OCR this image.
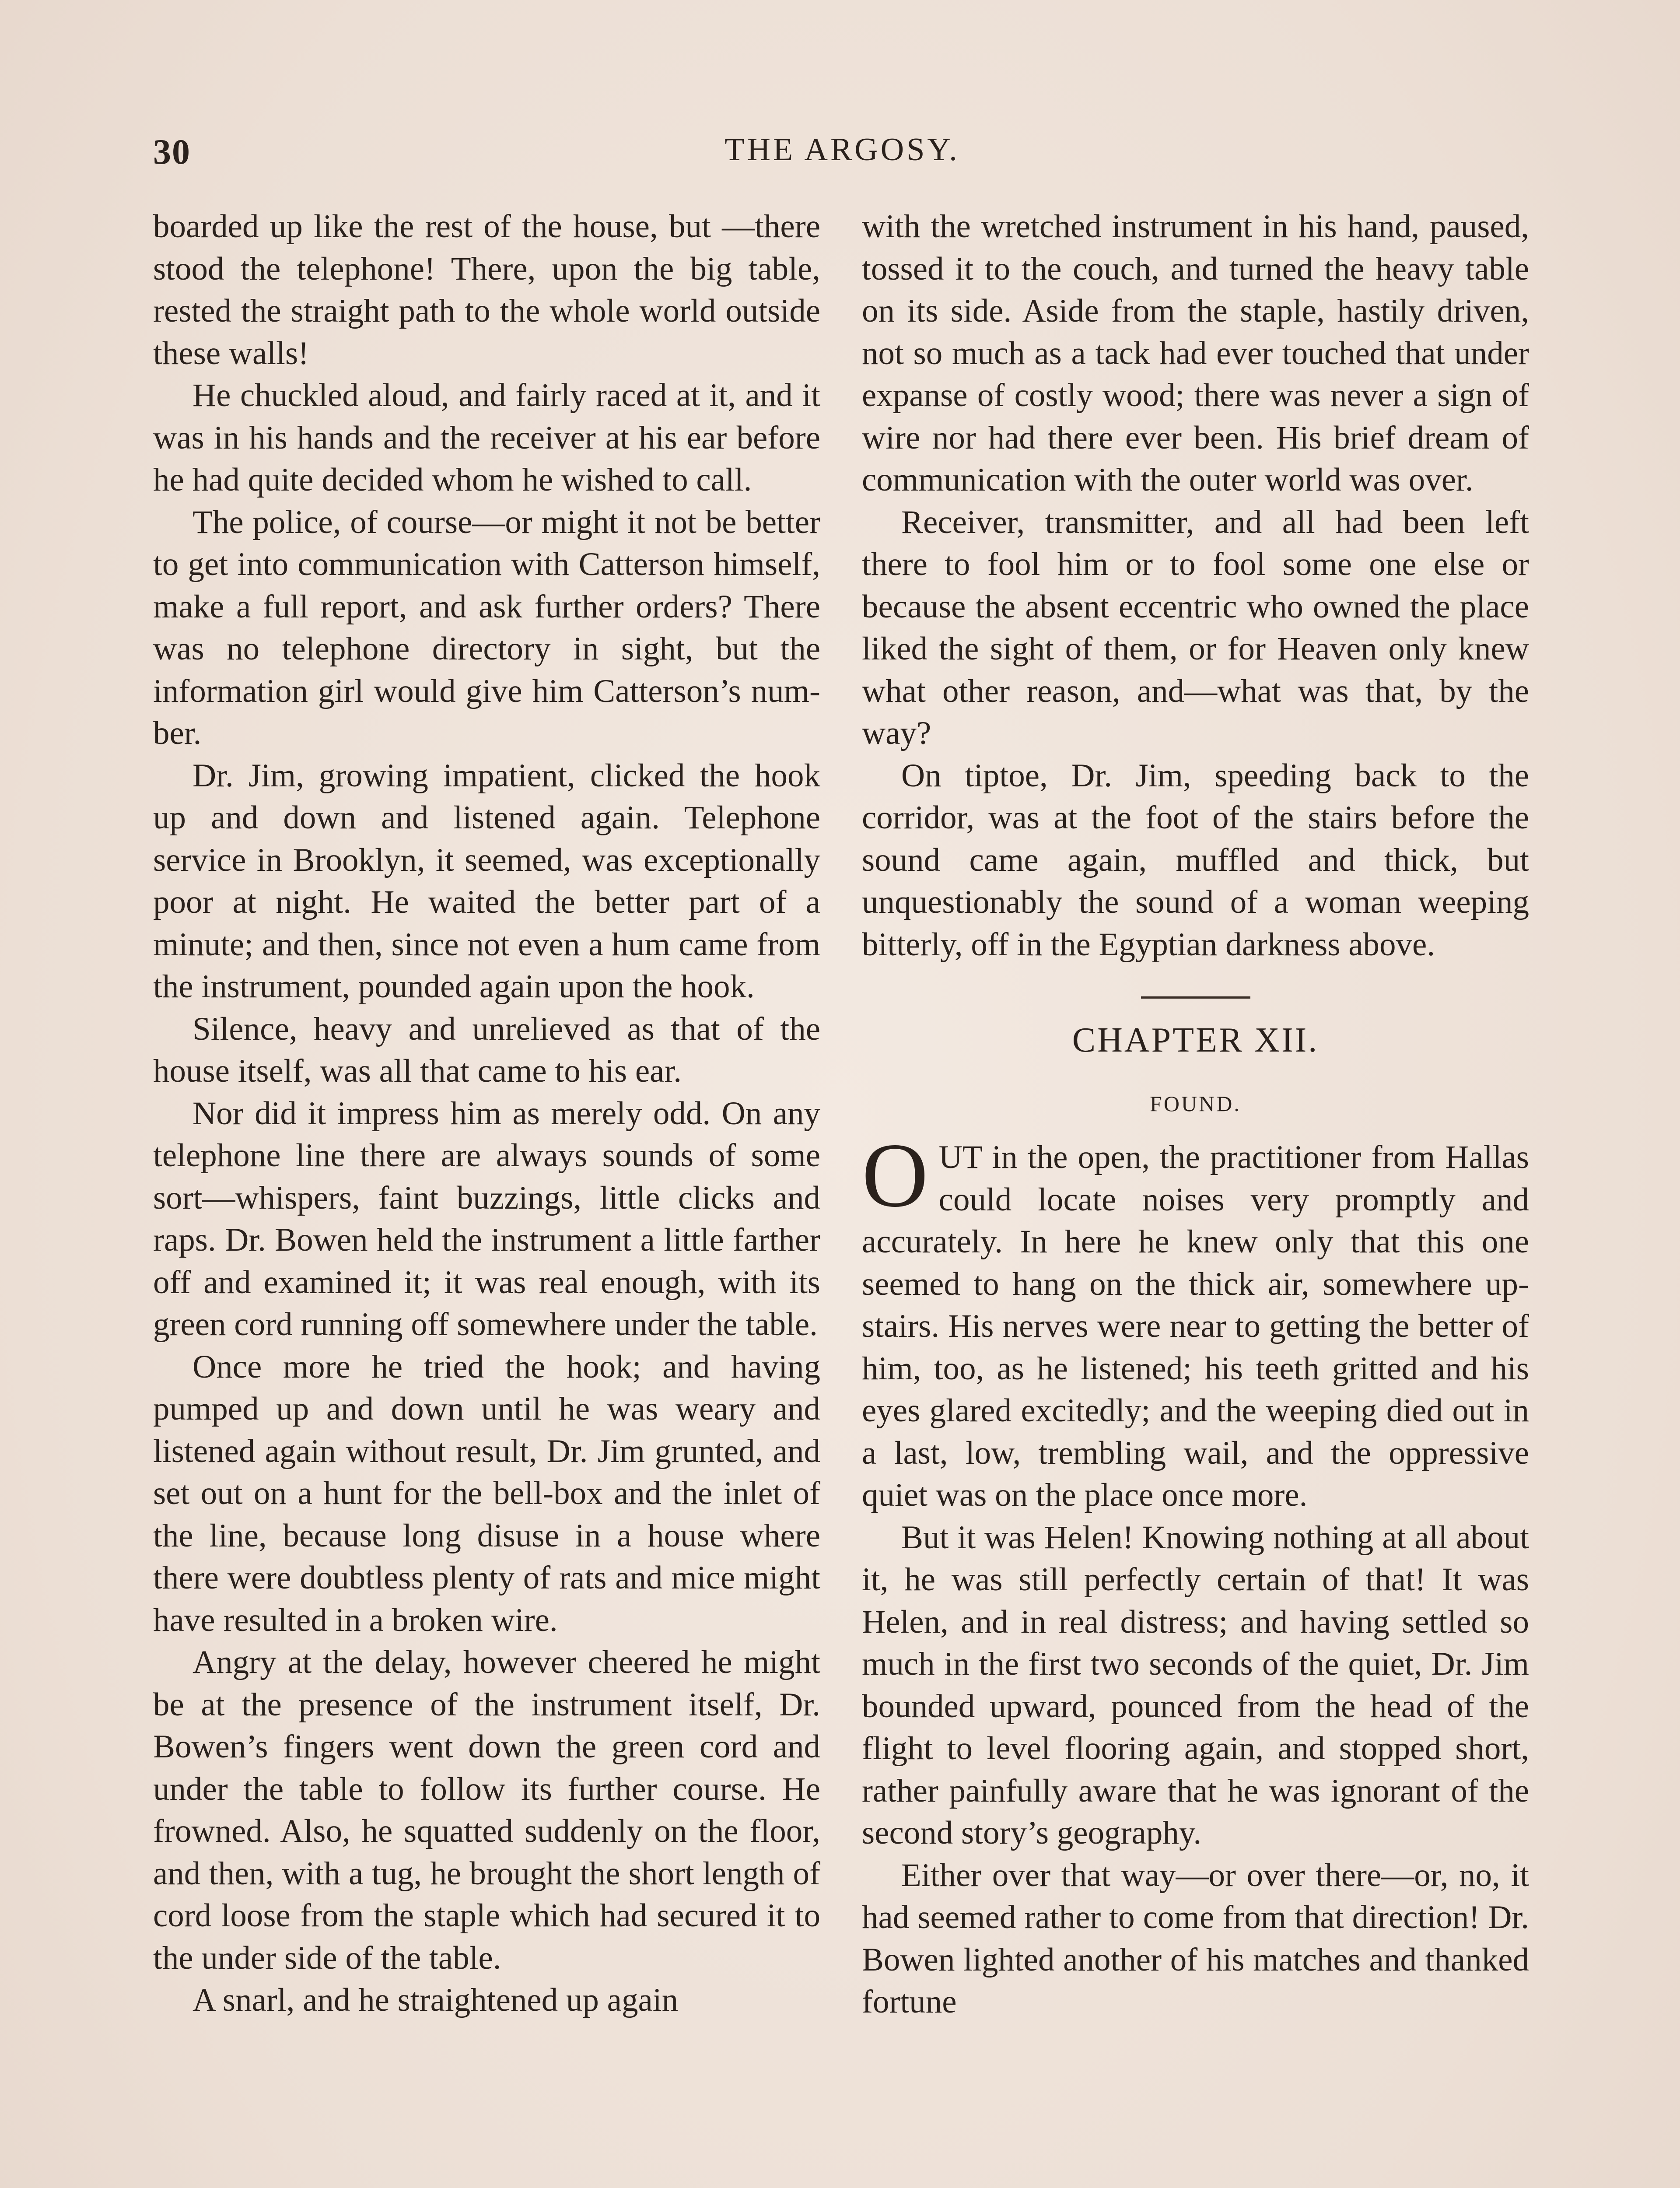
30	THE ARGOSY.

boarded up like the rest of the house, but —there stood the telephone! There, upon the big table, rested the straight path to the whole world outside these walls!

He chuckled aloud, and fairly raced at it, and it was in his hands and the receiver at his ear before he had quite decided whom he wished to call.

The police, of course—or might it not be better to get into communication with Catterson himself, make a full report, and ask further orders? There was no telephone directory in sight, but the information girl would give him Catterson’s number.

Dr. Jim, growing impatient, clicked the hook up and down and listened again. Telephone service in Brooklyn, it seemed, was exceptionally poor at night. He waited the better part of a minute; and then, since not even a hum came from the instrument, pounded again upon the hook.

Silence, heavy and unrelieved as that of the house itself, was all that came to his ear.

Nor did it impress him as merely odd. On any telephone line there are always sounds of some sort—whispers, faint buzzings, little clicks and raps. Dr. Bowen held the instrument a little farther off and examined it; it was real enough, with its green cord running off somewhere under the table.

Once more he tried the hook; and having pumped up and down until he was weary and listened again without result, Dr. Jim grunted, and set out on a hunt for the bell-box and the inlet of the line, because long disuse in a house where there were doubtless plenty of rats and mice might have resulted in a broken wire.

Angry at the delay, however cheered he might be at the presence of the instrument itself, Dr. Bowen’s fingers went down the green cord and under the table to follow its further course. He frowned. Also, he squatted suddenly on the floor, and then, with a tug, he brought the short length of cord loose from the staple which had secured it to the under side of the table.

A snarl, and he straightened up again

with the wretched instrument in his hand, paused, tossed it to the couch, and turned the heavy table on its side. Aside from the staple, hastily driven, not so much as a tack had ever touched that under expanse of costly wood; there was never a sign of wire nor had there ever been. His brief dream of communication with the outer world was over.

Receiver, transmitter, and all had been left there to fool him or to fool some one else or because the absent eccentric who owned the place liked the sight of them, or for Heaven only knew what other reason, and—what was that, by the way?

On tiptoe, Dr. Jim, speeding back to the corridor, was at the foot of the stairs before the sound came again, muffled and thick, but unquestionably the sound of a woman weeping bitterly, off in the Egyptian darkness above.

CHAPTER XII.
FOUND.
O UT in the open, the practitioner from Hallas could locate noises very promptly and accurately. In here he knew only that this one seemed to hang on the thick air, somewhere up-stairs. His nerves were near to getting the better of him, too, as he listened; his teeth gritted and his eyes glared excitedly; and the weeping died out in a last, low, trembling wail, and the oppressive quiet was on the place once more.

But it was Helen! Knowing nothing at all about it, he was still perfectly certain of that! It was Helen, and in real distress; and having settled so much in the first two seconds of the quiet, Dr. Jim bounded upward, pounced from the head of the flight to level flooring again, and stopped short, rather painfully aware that he was ignorant of the second story’s geography.

Either over that way—or over there—or, no, it had seemed rather to come from that direction! Dr. Bowen lighted another of his matches and thanked fortune
